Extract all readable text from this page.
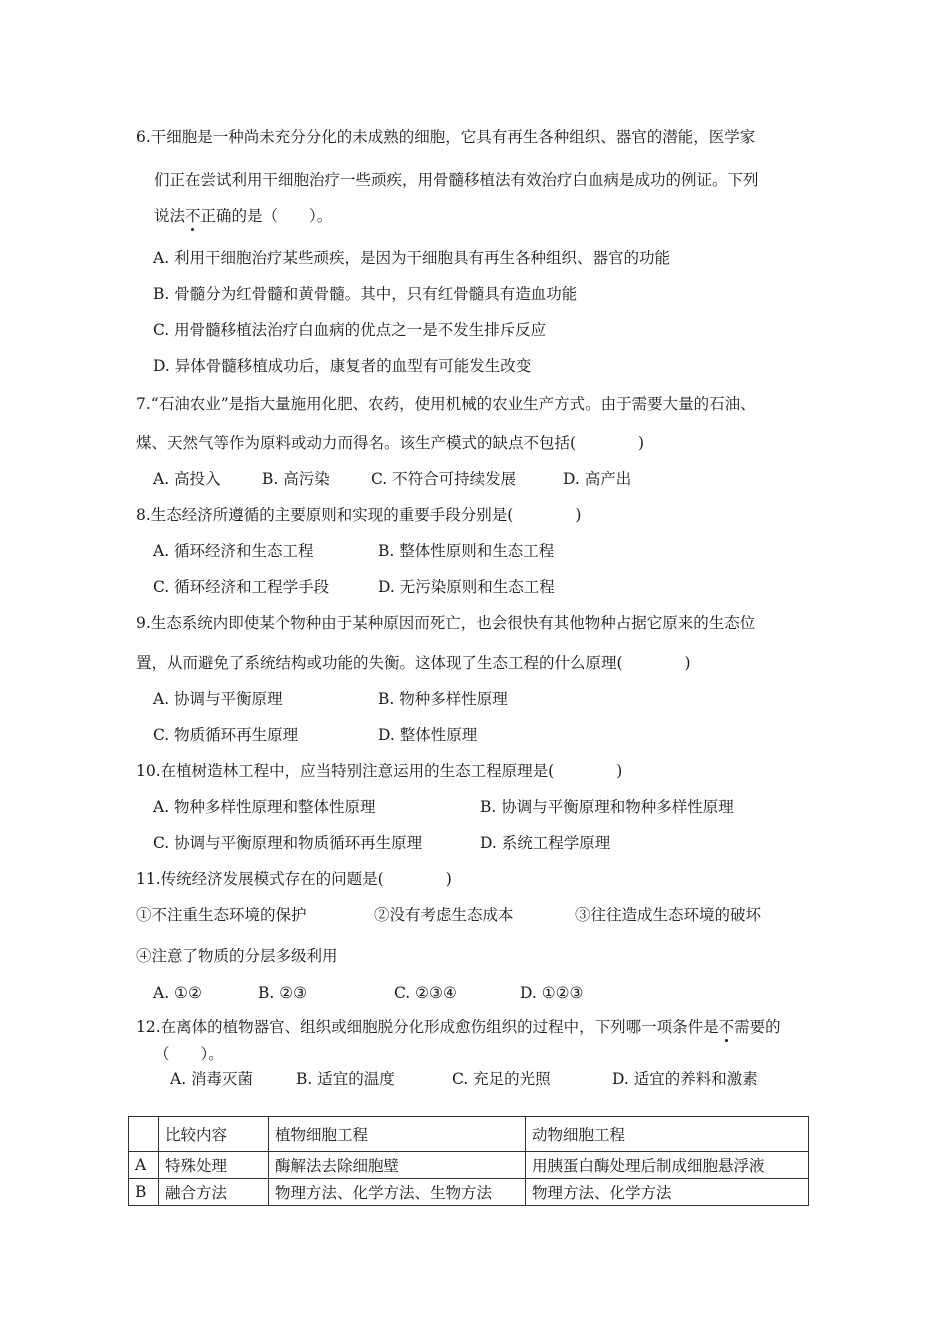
6.干细胞是一种尚未充分分化的未成熟的细胞，它具有再生各种组织、器官的潜能，医学家
们正在尝试利用干细胞治疗一些顽疾，用骨髓移植法有效治疗白血病是成功的例证。下列
说法不正确的是（　　）。
A. 利用干细胞治疗某些顽疾，是因为干细胞具有再生各种组织、器官的功能
B. 骨髓分为红骨髓和黄骨髓。其中，只有红骨髓具有造血功能
C. 用骨髓移植法治疗白血病的优点之一是不发生排斥反应
D. 异体骨髓移植成功后，康复者的血型有可能发生改变
7.“石油农业”是指大量施用化肥、农药，使用机械的农业生产方式。由于需要大量的石油、
煤、天然气等作为原料或动力而得名。该生产模式的缺点不包括(　　　　)
A. 高投入	B. 高污染	C. 不符合可持续发展	D. 高产出
8.生态经济所遵循的主要原则和实现的重要手段分别是(　　　　)
A. 循环经济和生态工程	B. 整体性原则和生态工程
C. 循环经济和工程学手段	D. 无污染原则和生态工程
9.生态系统内即使某个物种由于某种原因而死亡，也会很快有其他物种占据它原来的生态位
置，从而避免了系统结构或功能的失衡。这体现了生态工程的什么原理(　　　　)
A. 协调与平衡原理	B. 物种多样性原理
C. 物质循环再生原理	D. 整体性原理
10.在植树造林工程中，应当特别注意运用的生态工程原理是(　　　　)
A. 物种多样性原理和整体性原理	B. 协调与平衡原理和物种多样性原理
C. 协调与平衡原理和物质循环再生原理	D. 系统工程学原理
11.传统经济发展模式存在的问题是(　　　　)
①不注重生态环境的保护	②没有考虑生态成本	③往往造成生态环境的破坏
④注意了物质的分层多级利用
A. ①②	B. ②③	C. ②③④	D. ①②③
12.在离体的植物器官、组织或细胞脱分化形成愈伤组织的过程中，下列哪一项条件是不需要的
（　　）。
A. 消毒灭菌	B. 适宜的温度	C. 充足的光照	D. 适宜的养料和激素
	比较内容	植物细胞工程	动物细胞工程
A	特殊处理	酶解法去除细胞壁	用胰蛋白酶处理后制成细胞悬浮液
B	融合方法	物理方法、化学方法、生物方法	物理方法、化学方法
